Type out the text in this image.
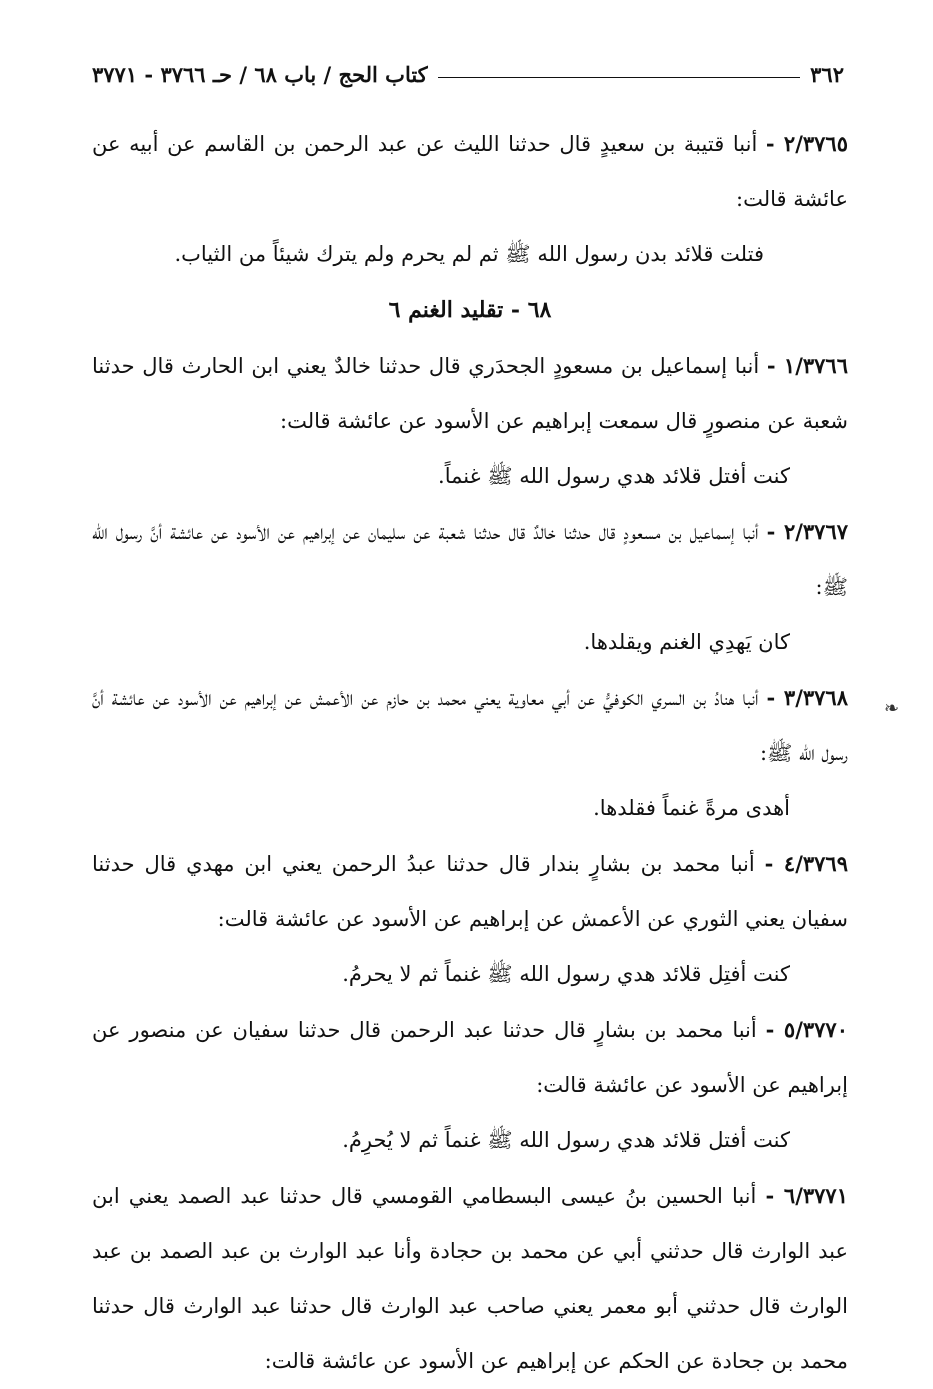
٣٦٢
كتاب الحج / باب ٦٨ / حـ ٣٧٦٦ - ٣٧٧١

٢/٣٧٦٥ - أنبا قتيبة بن سعيدٍ قال حدثنا الليث عن عبد الرحمن بن القاسم عن أبيه عن عائشة قالت:

فتلت قلائد بدن رسول الله ﷺ ثم لم يحرم ولم يترك شيئاً من الثياب.

٦٨ - تقليد الغنم ٦

١/٣٧٦٦ - أنبا إسماعيل بن مسعودٍ الجحدَري قال حدثنا خالدٌ يعني ابن الحارث قال حدثنا شعبة عن منصورٍ قال سمعت إبراهيم عن الأسود عن عائشة قالت:

كنت أفتل قلائد هدي رسول الله ﷺ غنماً.

٢/٣٧٦٧ - أنبا إسماعيل بن مسعودٍ قال حدثنا خالدٌ قال حدثنا شعبة عن سليمان عن إبراهيم عن الأسود عن عائشة أنَّ رسول الله ﷺ:

كان يَهدِي الغنم ويقلدها.

٣/٣٧٦٨ - أنبا هنادُ بن السري الكوفيُّ عن أبي معاوية يعني محمد بن حازم عن الأعمش عن إبراهيم عن الأسود عن عائشة أنَّ رسول الله ﷺ:

أهدى مرةً غنماً فقلدها.

٤/٣٧٦٩ - أنبا محمد بن بشارٍ بندار قال حدثنا عبدُ الرحمن يعني ابن مهدي قال حدثنا سفيان يعني الثوري عن الأعمش عن إبراهيم عن الأسود عن عائشة قالت:

كنت أفتِل قلائد هدي رسول الله ﷺ غنماً ثم لا يحرمُ.

٥/٣٧٧٠ - أنبا محمد بن بشارٍ قال حدثنا عبد الرحمن قال حدثنا سفيان عن منصور عن إبراهيم عن الأسود عن عائشة قالت:

كنت أفتل قلائد هدي رسول الله ﷺ غنماً ثم لا يُحرِمُ.

٦/٣٧٧١ - أنبا الحسين بنُ عيسى البسطامي القومسي قال حدثنا عبد الصمد يعني ابن عبد الوارث قال حدثني أبي عن محمد بن حجادة وأنا عبد الوارث بن عبد الصمد بن عبد الوارث قال حدثني أبو معمر يعني صاحب عبد الوارث قال حدثنا عبد الوارث قال حدثنا محمد بن جحادة عن الحكم عن إبراهيم عن الأسود عن عائشة قالت:

❧
